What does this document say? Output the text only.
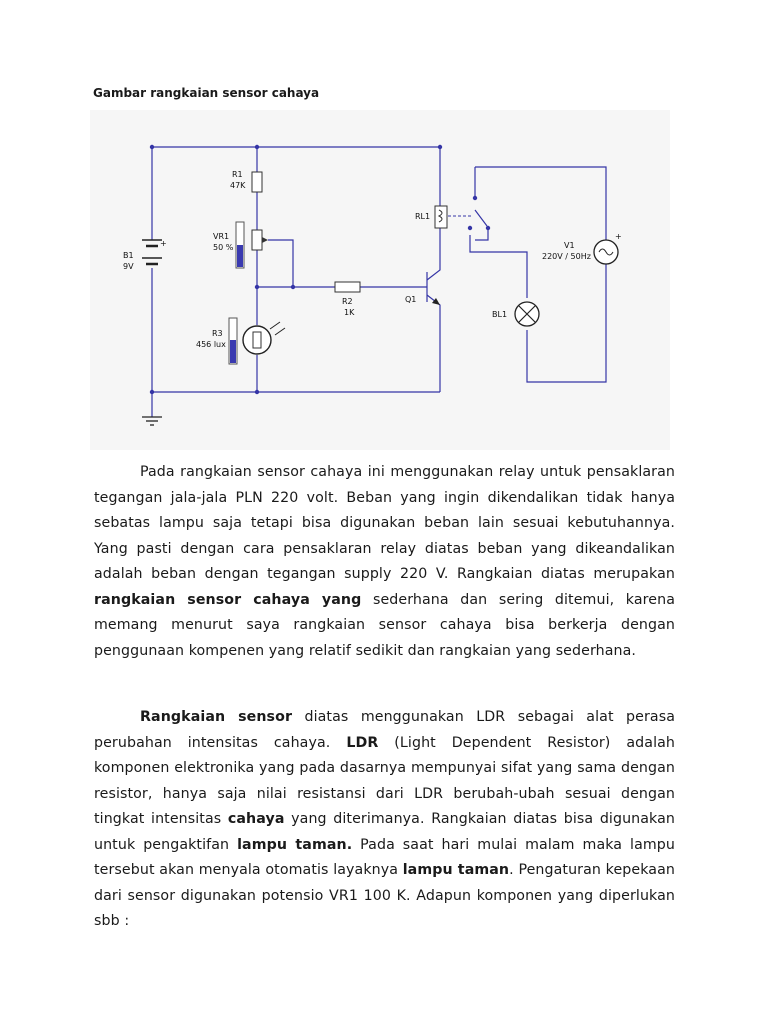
Gambar rangkaian sensor cahaya
R1
47K
VR1
50 %
B1
9V
+
R2
1K
Q1
R3
456 lux
RL1
BL1
V1
220V / 50Hz
+

Pada rangkaian sensor cahaya ini menggunakan relay untuk pensaklaran tegangan jala-jala PLN 220 volt. Beban yang ingin dikendalikan tidak hanya sebatas lampu saja tetapi bisa digunakan beban lain sesuai kebutuhannya. Yang pasti dengan cara pensaklaran relay diatas beban yang dikeandalikan adalah beban dengan tegangan supply 220 V. Rangkaian diatas merupakan rangkaian sensor cahaya yang sederhana dan sering ditemui, karena memang menurut saya rangkaian sensor cahaya bisa berkerja dengan penggunaan kompenen yang relatif sedikit dan rangkaian yang sederhana.

Rangkaian sensor diatas menggunakan LDR sebagai alat perasa perubahan intensitas cahaya. LDR (Light Dependent Resistor) adalah komponen elektronika yang pada dasarnya mempunyai sifat yang sama dengan resistor, hanya saja nilai resistansi dari LDR berubah-ubah sesuai dengan tingkat intensitas cahaya yang diterimanya. Rangkaian diatas bisa digunakan untuk pengaktifan lampu taman. Pada saat hari mulai malam maka lampu tersebut akan menyala otomatis layaknya lampu taman. Pengaturan kepekaan dari sensor digunakan potensio VR1 100 K. Adapun komponen yang diperlukan sbb :
